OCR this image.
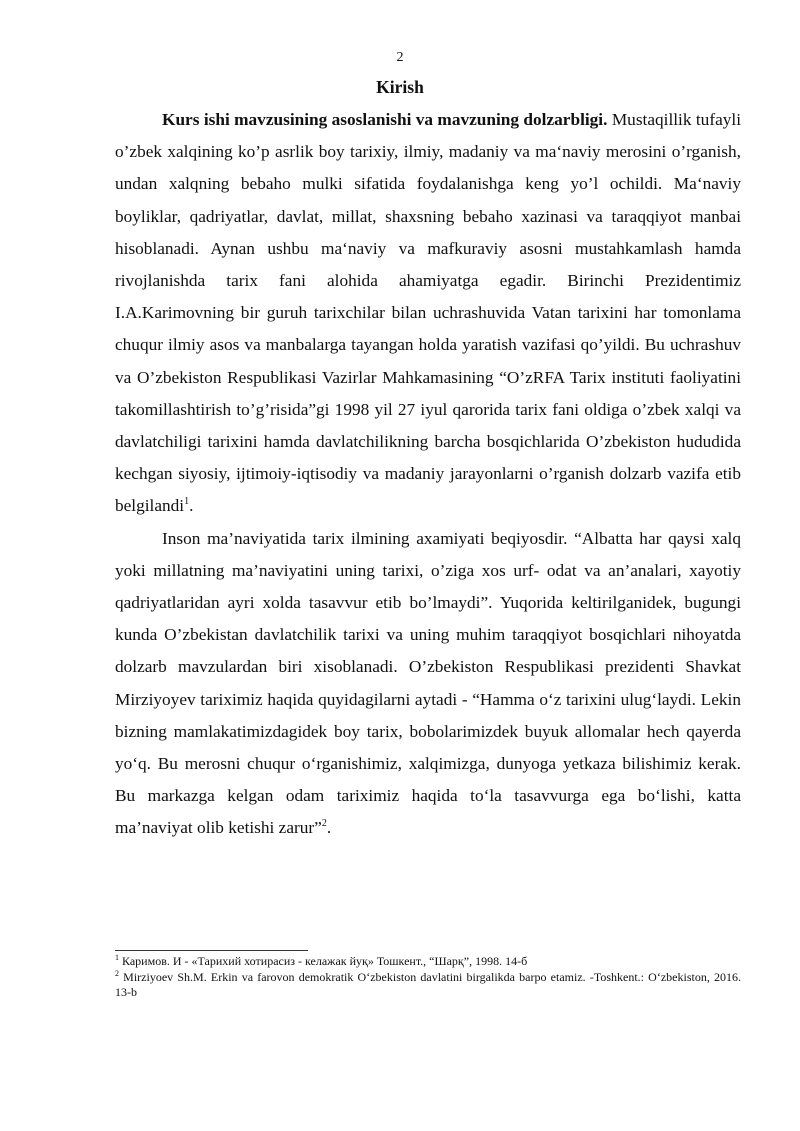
2
Kirish

Kurs ishi mavzusining asoslanishi va mavzuning dolzarbligi. Mustaqillik tufayli o’zbek xalqining ko’p asrlik boy tarixiy, ilmiy, madaniy va ma‘naviy merosini o’rganish, undan xalqning bebaho mulki sifatida foydalanishga keng yo’l ochildi. Ma‘naviy boyliklar, qadriyatlar, davlat, millat, shaxsning bebaho xazinasi va taraqqiyot manbai hisoblanadi. Aynan ushbu ma‘naviy va mafkuraviy asosni mustahkamlash hamda rivojlanishda tarix fani alohida ahamiyatga egadir. Birinchi Prezidentimiz I.A.Karimovning bir guruh tarixchilar bilan uchrashuvida Vatan tarixini har tomonlama chuqur ilmiy asos va manbalarga tayangan holda yaratish vazifasi qo’yildi. Bu uchrashuv va O’zbekiston Respublikasi Vazirlar Mahkamasining “O’zRFA Tarix instituti faoliyatini takomillashtirish to’g’risida”gi 1998 yil 27 iyul qarorida tarix fani oldiga o’zbek xalqi va davlatchiligi tarixini hamda davlatchilikning barcha bosqichlarida O’zbekiston hududida kechgan siyosiy, ijtimoiy-iqtisodiy va madaniy jarayonlarni o’rganish dolzarb vazifa etib belgilandi$^1$.

Inson ma’naviyatida tarix ilmining axamiyati beqiyosdir. “Albatta har qaysi xalq yoki millatning ma’naviyatini uning tarixi, o’ziga xos urf- odat va an’analari, xayotiy qadriyatlaridan ayri xolda tasavvur etib bo’lmaydi”. Yuqorida keltirilganidek, bugungi kunda O’zbekistan davlatchilik tarixi va uning muhim taraqqiyot bosqichlari nihoyatda dolzarb mavzulardan biri xisoblanadi. O’zbekiston Respublikasi prezidenti Shavkat Mirziyoyev tariximiz haqida quyidagilarni aytadi - “Hamma o‘z tarixini ulug‘laydi. Lekin bizning mamlakatimizdagidek boy tarix, bobolarimizdek buyuk allomalar hech qayerda yo‘q. Bu merosni chuqur o‘rganishimiz, xalqimizga, dunyoga yetkaza bilishimiz kerak. Bu markazga kelgan odam tariximiz haqida to‘la tasavvurga ega bo‘lishi, katta ma’naviyat olib ketishi zarur”$^2$.

$^1$ Каримов. И - «Тарихий хотирасиз - келажак йуқ» Тошкент., “Шарқ”, 1998. 14-б

$^2$ Mirziyoev Sh.M. Erkin va farovon demokratik O‘zbekiston davlatini birgalikda barpo etamiz. -Toshkent.: O‘zbekiston, 2016. 13-b
